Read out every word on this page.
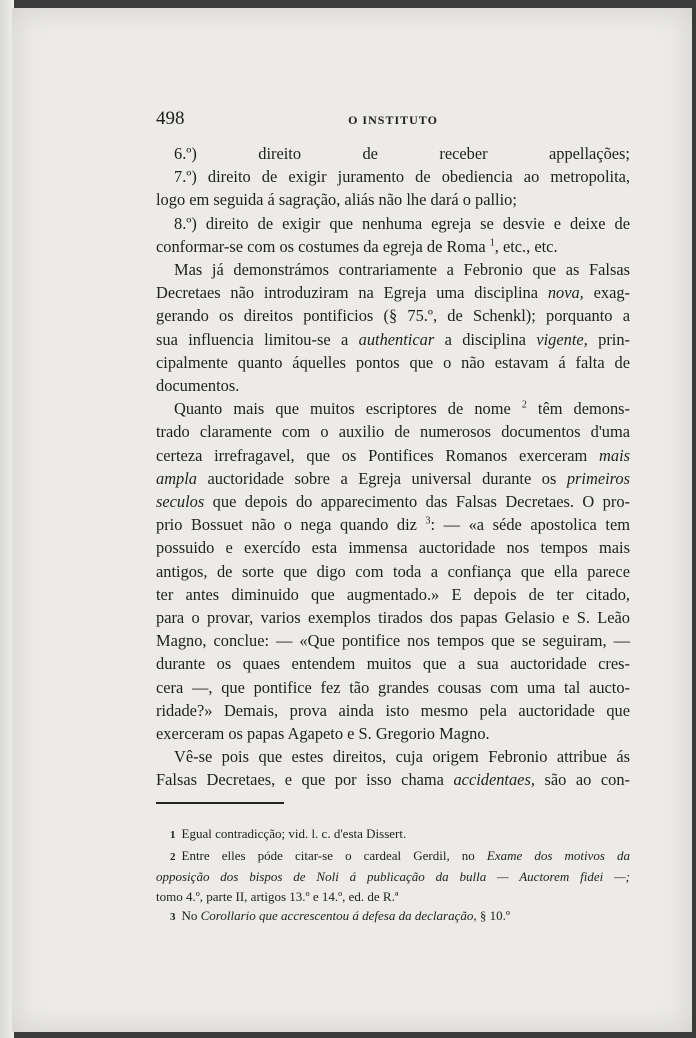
498	O INSTITUTO
6.º) direito de receber appellações;
7.º) direito de exigir juramento de obediencia ao metropolita,
logo em seguida á sagração, aliás não lhe dará o pallio;
8.º) direito de exigir que nenhuma egreja se desvie e deixe de
conformar-se com os costumes da egreja de Roma $^1$, etc., etc.
Mas já demonstrámos contrariamente a Febronio que as Falsas
Decretaes não introduziram na Egreja uma disciplina nova, exag-
gerando os direitos pontificios (§ 75.º, de Schenkl); porquanto a
sua influencia limitou-se a authenticar a disciplina vigente, prin-
cipalmente quanto áquelles pontos que o não estavam á falta de
documentos.
Quanto mais que muitos escriptores de nome $^2$ têm demons-
trado claramente com o auxilio de numerosos documentos d'uma
certeza irrefragavel, que os Pontifices Romanos exerceram mais
ampla auctoridade sobre a Egreja universal durante os primeiros
seculos que depois do apparecimento das Falsas Decretaes. O pro-
prio Bossuet não o nega quando diz $^3$: — «a séde apostolica tem
possuido e exercído esta immensa auctoridade nos tempos mais
antigos, de sorte que digo com toda a confiança que ella parece
ter antes diminuido que augmentado.» E depois de ter citado,
para o provar, varios exemplos tirados dos papas Gelasio e S. Leão
Magno, conclue: — «Que pontifice nos tempos que se seguiram, —
durante os quaes entendem muitos que a sua auctoridade cres-
cera —, que pontifice fez tão grandes cousas com uma tal aucto-
ridade?» Demais, prova ainda isto mesmo pela auctoridade que
exerceram os papas Agapeto e S. Gregorio Magno.
Vê-se pois que estes direitos, cuja origem Febronio attribue ás
Falsas Decretaes, e que por isso chama accidentaes, são ao con-
1 Egual contradicção; vid. l. c. d'esta Dissert.
2 Entre elles póde citar-se o cardeal Gerdil, no Exame dos motivos da
opposição dos bispos de Noli á publicação da bulla — Auctorem fidei —;
tomo 4.º, parte II, artigos 13.º e 14.º, ed. de R.ª
3 No Corollario que accrescentou á defesa da declaração, § 10.º
